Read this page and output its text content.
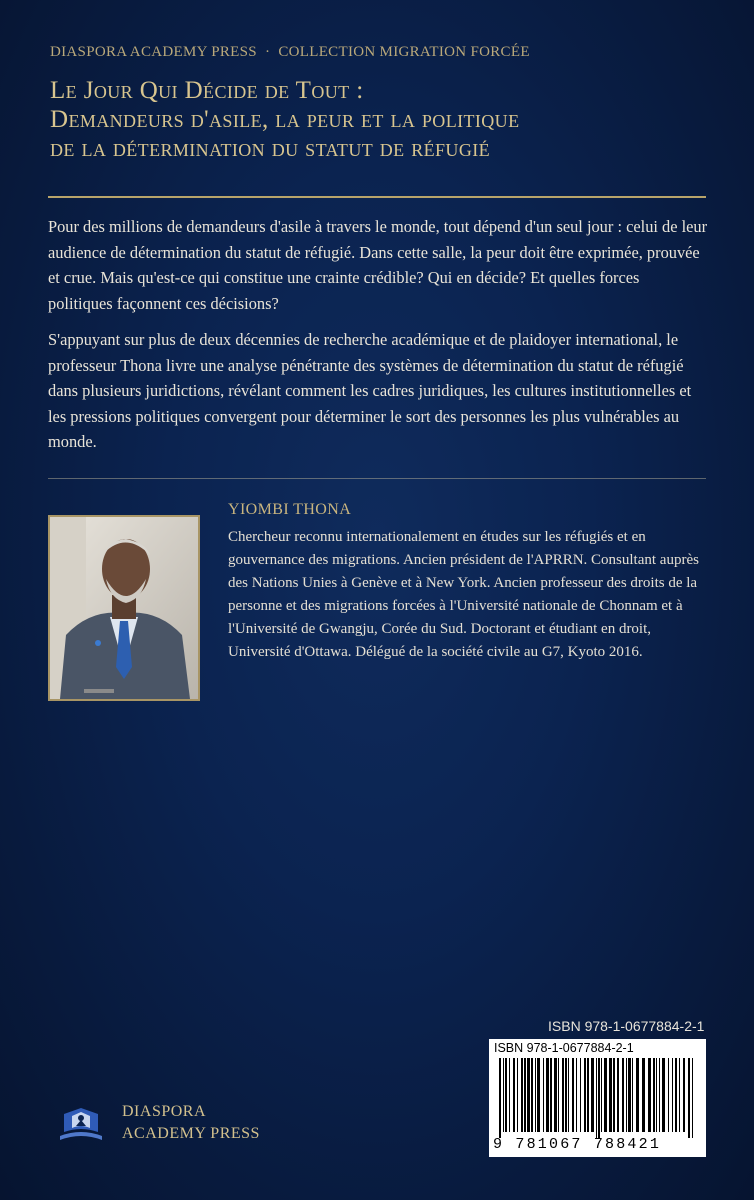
DIASPORA ACADEMY PRESS · COLLECTION MIGRATION FORCÉE
Le Jour Qui Décide de Tout :
Demandeurs d'asile, la peur et la politique
de la détermination du statut de réfugié

Pour des millions de demandeurs d'asile à travers le monde, tout dépend d'un seul jour : celui de leur audience de détermination du statut de réfugié. Dans cette salle, la peur doit être exprimée, prouvée et crue. Mais qu'est-ce qui constitue une crainte crédible? Qui en décide? Et quelles forces politiques façonnent ces décisions?

S'appuyant sur plus de deux décennies de recherche académique et de plaidoyer international, le professeur Thona livre une analyse pénétrante des systèmes de détermination du statut de réfugié dans plusieurs juridictions, révélant comment les cadres juridiques, les cultures institutionnelles et les pressions politiques convergent pour déterminer le sort des personnes les plus vulnérables au monde.

YIOMBI THONA
Chercheur reconnu internationalement en études sur les réfugiés et en gouvernance des migrations. Ancien président de l'APRRN. Consultant auprès des Nations Unies à Genève et à New York. Ancien professeur des droits de la personne et des migrations forcées à l'Université nationale de Chonnam et à l'Université de Gwangju, Corée du Sud. Doctorant et étudiant en droit, Université d'Ottawa. Délégué de la société civile au G7, Kyoto 2016.
ISBN 978-1-0677884-2-1
ISBN 978-1-0677884-2-1
9 781067 788421
DIASPORA
ACADEMY PRESS
